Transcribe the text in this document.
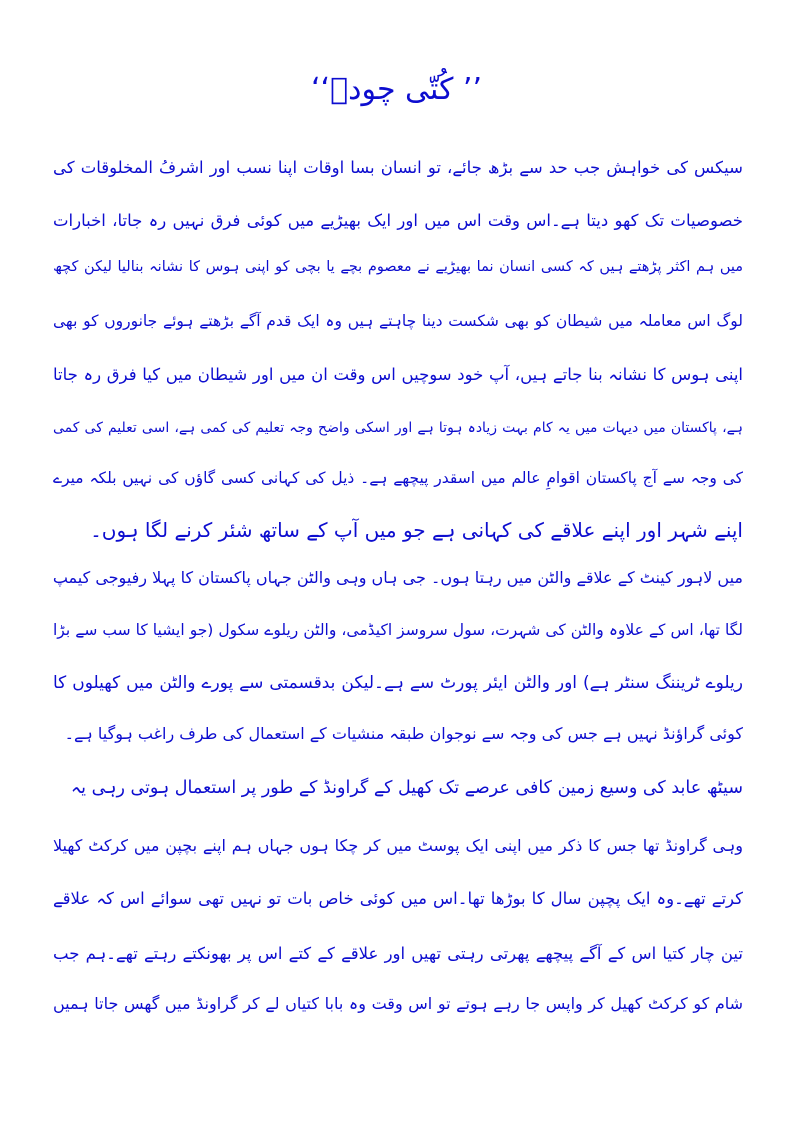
’’ کُتّی چودؑ‘‘
سیکس کی خواہش جب حد سے بڑھ جائے، تو انسان بسا اوقات اپنا نسب اور اشرفُ المخلوقات کی
خصوصیات تک کھو دیتا ہے۔اس وقت اس میں اور ایک بھیڑیے میں کوئی فرق نہیں رہ جاتا، اخبارات
میں ہم اکثر پڑھتے ہیں کہ کسی انسان نما بھیڑیے نے معصوم بچے یا بچی کو اپنی ہوس کا نشانہ بنالیا لیکن کچھ
لوگ اس معاملہ میں شیطان کو بھی شکست دینا چاہتے ہیں وہ ایک قدم آگے بڑھتے ہوئے جانوروں کو بھی
اپنی ہوس کا نشانہ بنا جاتے ہیں، آپ خود سوچیں اس وقت ان میں اور شیطان میں کیا فرق رہ جاتا
ہے، پاکستان میں دیہات میں یہ کام بہت زیادہ ہوتا ہے اور اسکی واضح وجہ تعلیم کی کمی ہے، اسی تعلیم کی کمی
کی وجہ سے آج پاکستان اقوامِ عالم میں اسقدر پیچھے ہے۔ ذیل کی کہانی کسی گاؤں کی نہیں بلکہ میرے
اپنے شہر اور اپنے علاقے کی کہانی ہے جو میں آپ کے ساتھ شئر کرنے لگا ہوں۔
میں لاہور کینٹ کے علاقے والٹن میں رہتا ہوں۔ جی ہاں وہی والٹن جہاں پاکستان کا پہلا رفیوجی کیمپ
لگا تھا، اس کے علاوہ والٹن کی شہرت، سول سروسز اکیڈمی، والٹن ریلوے سکول (جو ایشیا کا سب سے بڑا
ریلوے ٹریننگ سنٹر ہے) اور والٹن ایئر پورٹ سے ہے۔لیکن بدقسمتی سے پورے والٹن میں کھیلوں کا
کوئی گراؤنڈ نہیں ہے جس کی وجہ سے نوجوان طبقہ منشیات کے استعمال کی طرف راغب ہوگیا ہے۔
سیٹھ عابد کی وسیع زمین کافی عرصے تک کھیل کے گراونڈ کے طور پر استعمال ہوتی رہی یہ
وہی گراونڈ تھا جس کا ذکر میں اپنی ایک پوسٹ میں کر چکا ہوں جہاں ہم اپنے بچپن میں کرکٹ کھیلا
کرتے تھے۔وہ ایک پچپن سال کا بوڑھا تھا۔اس میں کوئی خاص بات تو نہیں تھی سوائے اس کہ علاقے
تین چار کتیا اس کے آگے پیچھے پھرتی رہتی تھیں اور علاقے کے کتے اس پر بھونکتے رہتے تھے۔ہم جب
شام کو کرکٹ کھیل کر واپس جا رہے ہوتے تو اس وقت وہ بابا کتیاں لے کر گراونڈ میں گھس جاتا ہمیں
